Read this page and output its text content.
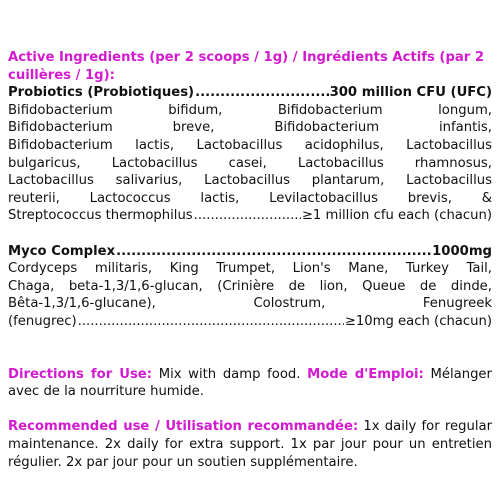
Active Ingredients (per 2 scoops / 1g) / Ingrédients Actifs (par 2 cuillères / 1g):

Probiotics (Probiotiques) .....	300 million CFU (UFC)
Bifidobacterium bifidum, Bifidobacterium longum,
Bifidobacterium breve, Bifidobacterium infantis,
Bifidobacterium lactis, Lactobacillus acidophilus, Lactobacillus
bulgaricus, Lactobacillus casei, Lactobacillus rhamnosus,
Lactobacillus salivarius, Lactobacillus plantarum, Lactobacillus
reuterii, Lactococcus lactis, Levilactobacillus brevis, &
Streptococcus thermophilus .....	≥1 million cfu each (chacun)
Myco Complex .....	1000mg
Cordyceps militaris, King Trumpet, Lion's Mane, Turkey Tail,
Chaga, beta-1,3/1,6-glucan, (Crinière de lion, Queue de dinde,
Bêta-1,3/1,6-glucane), Colostrum, Fenugreek
(fenugrec) .....	≥10mg each (chacun)

Directions for Use: Mix with damp food. Mode d'Emploi: Mélanger avec de la nourriture humide.

Recommended use / Utilisation recommandée: 1x daily for regular maintenance. 2x daily for extra support. 1x par jour pour un entretien régulier. 2x par jour pour un soutien supplémentaire.
